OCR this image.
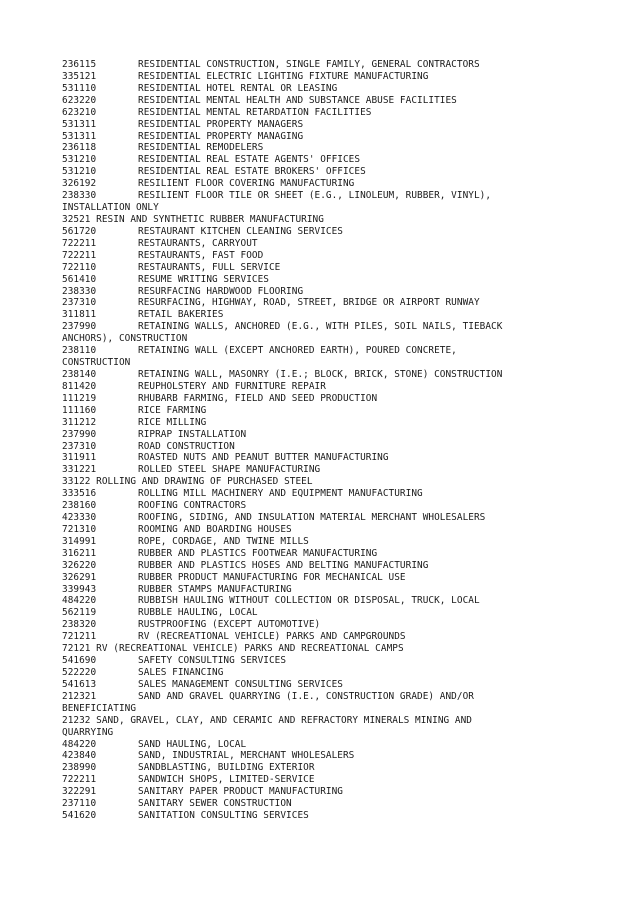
236115	RESIDENTIAL CONSTRUCTION, SINGLE FAMILY, GENERAL CONTRACTORS
335121	RESIDENTIAL ELECTRIC LIGHTING FIXTURE MANUFACTURING
531110	RESIDENTIAL HOTEL RENTAL OR LEASING
623220	RESIDENTIAL MENTAL HEALTH AND SUBSTANCE ABUSE FACILITIES
623210	RESIDENTIAL MENTAL RETARDATION FACILITIES
531311	RESIDENTIAL PROPERTY MANAGERS
531311	RESIDENTIAL PROPERTY MANAGING
236118	RESIDENTIAL REMODELERS
531210	RESIDENTIAL REAL ESTATE AGENTS' OFFICES
531210	RESIDENTIAL REAL ESTATE BROKERS' OFFICES
326192	RESILIENT FLOOR COVERING MANUFACTURING
238330	RESILIENT FLOOR TILE OR SHEET (E.G., LINOLEUM, RUBBER, VINYL),
INSTALLATION ONLY
32521 RESIN AND SYNTHETIC RUBBER MANUFACTURING
561720	RESTAURANT KITCHEN CLEANING SERVICES
722211	RESTAURANTS, CARRYOUT
722211	RESTAURANTS, FAST FOOD
722110	RESTAURANTS, FULL SERVICE
561410	RESUME WRITING SERVICES
238330	RESURFACING HARDWOOD FLOORING
237310	RESURFACING, HIGHWAY, ROAD, STREET, BRIDGE OR AIRPORT RUNWAY
311811	RETAIL BAKERIES
237990	RETAINING WALLS, ANCHORED (E.G., WITH PILES, SOIL NAILS, TIEBACK
ANCHORS), CONSTRUCTION
238110	RETAINING WALL (EXCEPT ANCHORED EARTH), POURED CONCRETE,
CONSTRUCTION
238140	RETAINING WALL, MASONRY (I.E.; BLOCK, BRICK, STONE) CONSTRUCTION
811420	REUPHOLSTERY AND FURNITURE REPAIR
111219	RHUBARB FARMING, FIELD AND SEED PRODUCTION
111160	RICE FARMING
311212	RICE MILLING
237990	RIPRAP INSTALLATION
237310	ROAD CONSTRUCTION
311911	ROASTED NUTS AND PEANUT BUTTER MANUFACTURING
331221	ROLLED STEEL SHAPE MANUFACTURING
33122 ROLLING AND DRAWING OF PURCHASED STEEL
333516	ROLLING MILL MACHINERY AND EQUIPMENT MANUFACTURING
238160	ROOFING CONTRACTORS
423330	ROOFING, SIDING, AND INSULATION MATERIAL MERCHANT WHOLESALERS
721310	ROOMING AND BOARDING HOUSES
314991	ROPE, CORDAGE, AND TWINE MILLS
316211	RUBBER AND PLASTICS FOOTWEAR MANUFACTURING
326220	RUBBER AND PLASTICS HOSES AND BELTING MANUFACTURING
326291	RUBBER PRODUCT MANUFACTURING FOR MECHANICAL USE
339943	RUBBER STAMPS MANUFACTURING
484220	RUBBISH HAULING WITHOUT COLLECTION OR DISPOSAL, TRUCK, LOCAL
562119	RUBBLE HAULING, LOCAL
238320	RUSTPROOFING (EXCEPT AUTOMOTIVE)
721211	RV (RECREATIONAL VEHICLE) PARKS AND CAMPGROUNDS
72121 RV (RECREATIONAL VEHICLE) PARKS AND RECREATIONAL CAMPS
541690	SAFETY CONSULTING SERVICES
522220	SALES FINANCING
541613	SALES MANAGEMENT CONSULTING SERVICES
212321	SAND AND GRAVEL QUARRYING (I.E., CONSTRUCTION GRADE) AND/OR
BENEFICIATING
21232 SAND, GRAVEL, CLAY, AND CERAMIC AND REFRACTORY MINERALS MINING AND
QUARRYING
484220	SAND HAULING, LOCAL
423840	SAND, INDUSTRIAL, MERCHANT WHOLESALERS
238990	SANDBLASTING, BUILDING EXTERIOR
722211	SANDWICH SHOPS, LIMITED-SERVICE
322291	SANITARY PAPER PRODUCT MANUFACTURING
237110	SANITARY SEWER CONSTRUCTION
541620	SANITATION CONSULTING SERVICES
